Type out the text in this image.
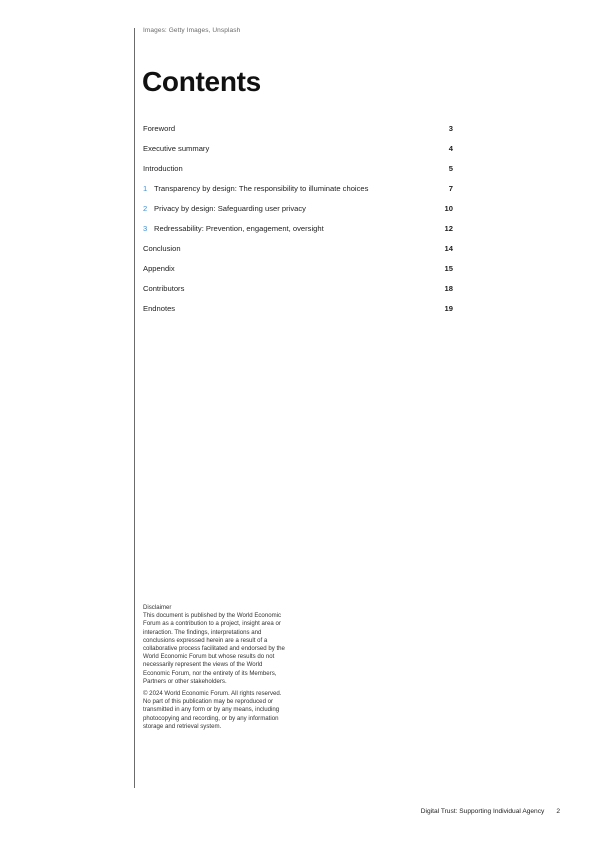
Images: Getty Images, Unsplash
Contents
Foreword	3
Executive summary	4
Introduction	5
1 Transparency by design: The responsibility to illuminate choices	7
2 Privacy by design: Safeguarding user privacy	10
3 Redressability: Prevention, engagement, oversight	12
Conclusion	14
Appendix	15
Contributors	18
Endnotes	19

Disclaimer

This document is published by the World Economic Forum as a contribution to a project, insight area or interaction. The findings, interpretations and conclusions expressed herein are a result of a collaborative process facilitated and endorsed by the World Economic Forum but whose results do not necessarily represent the views of the World Economic Forum, nor the entirety of its Members, Partners or other stakeholders.

© 2024 World Economic Forum. All rights reserved. No part of this publication may be reproduced or transmitted in any form or by any means, including photocopying and recording, or by any information storage and retrieval system.

Digital Trust: Supporting Individual Agency 2
